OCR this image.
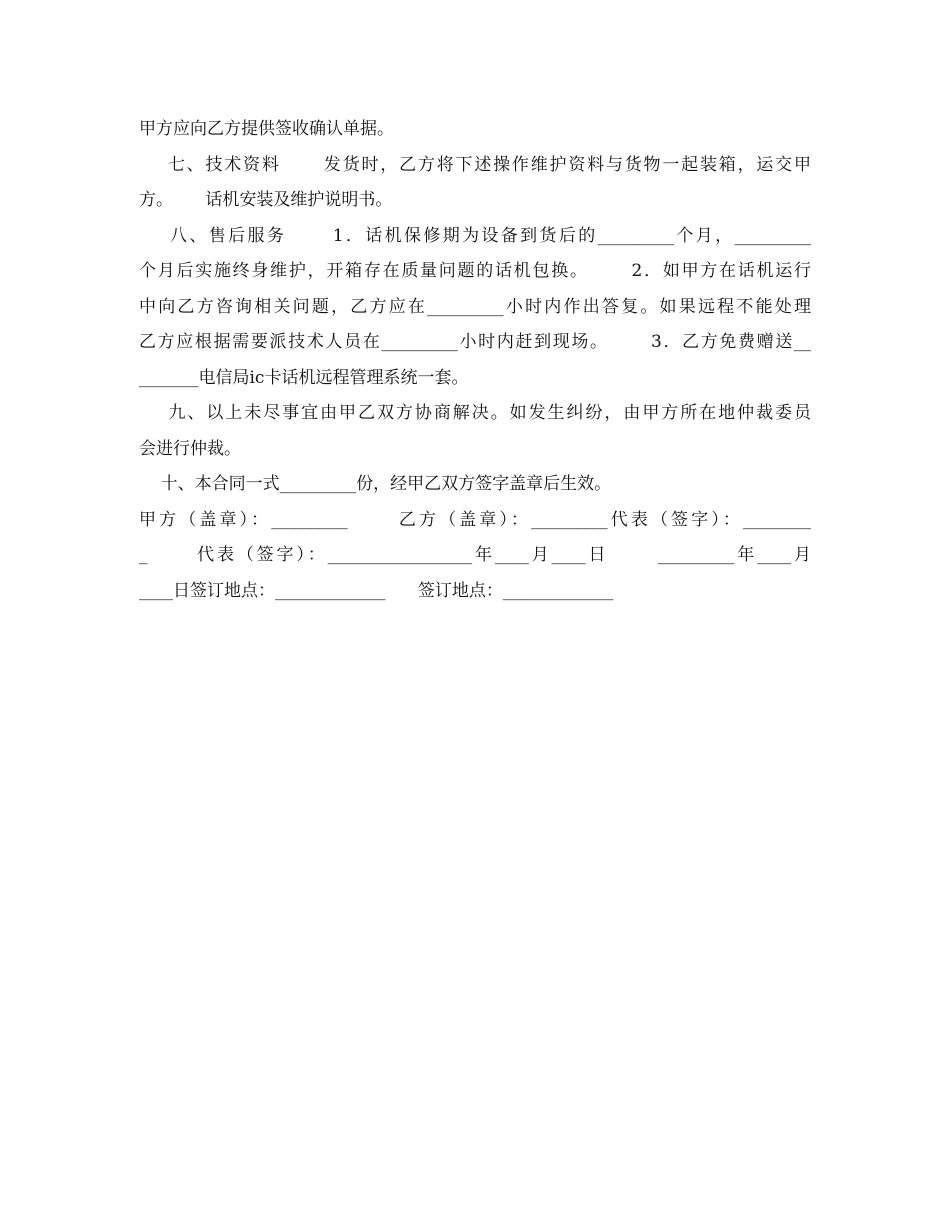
甲方应向乙方提供签收确认单据。
七、技术资料      发货时，乙方将下述操作维护资料与货物一起装箱，运交甲
方。      话机安装及维护说明书。
八、售后服务      1．话机保修期为设备到货后的_________个月，_________
个月后实施终身维护，开箱存在质量问题的话机包换。      2．如甲方在话机运行
中向乙方咨询相关问题，乙方应在_________小时内作出答复。如果远程不能处理
乙方应根据需要派技术人员在_________小时内赶到现场。      3．乙方免费赠送__
_______电信局ic卡话机远程管理系统一套。
九、以上未尽事宜由甲乙双方协商解决。如发生纠纷，由甲方所在地仲裁委员
会进行仲裁。
十、本合同一式_________份，经甲乙双方签字盖章后生效。
甲方（盖章）：_________      乙方（盖章）：_________代表（签字）：________
_      代表（签字）：_________________年____月____日      _________年____月
____日签订地点：_____________      签订地点：_____________
